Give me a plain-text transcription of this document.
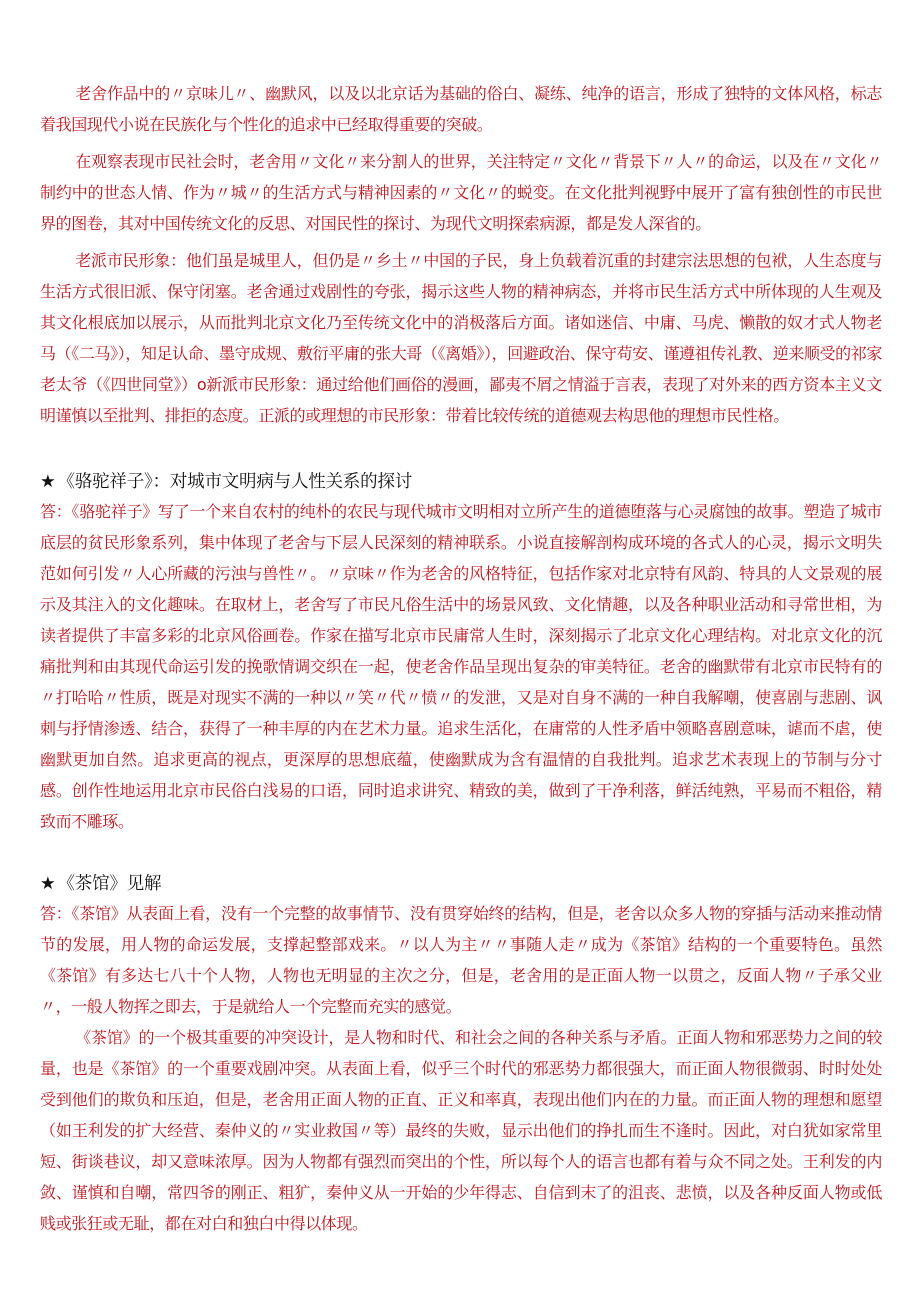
老舍作品中的〃京味儿〃、幽默风，以及以北京话为基础的俗白、凝练、纯净的语言，形成了独特的文体风格，标志着我国现代小说在民族化与个性化的追求中已经取得重要的突破。

在观察表现市民社会时，老舍用〃文化〃来分割人的世界，关注特定〃文化〃背景下〃人〃的命运，以及在〃文化〃制约中的世态人情、作为〃城〃的生活方式与精神因素的〃文化〃的蜕变。在文化批判视野中展开了富有独创性的市民世界的图卷，其对中国传统文化的反思、对国民性的探讨、为现代文明探索病源，都是发人深省的。

老派市民形象：他们虽是城里人，但仍是〃乡土〃中国的子民，身上负载着沉重的封建宗法思想的包袱，人生态度与生活方式很旧派、保守闭塞。老舍通过戏剧性的夸张，揭示这些人物的精神病态，并将市民生活方式中所体现的人生观及其文化根底加以展示，从而批判北京文化乃至传统文化中的消极落后方面。诸如迷信、中庸、马虎、懒散的奴才式人物老马（《二马》），知足认命、墨守成规、敷衍平庸的张大哥（《离婚》），回避政治、保守苟安、谨遵祖传礼教、逆来顺受的祁家老太爷（《四世同堂》）o新派市民形象：通过给他们画俗的漫画，鄙夷不屑之情溢于言表，表现了对外来的西方资本主义文明谨慎以至批判、排拒的态度。正派的或理想的市民形象：带着比较传统的道德观去构思他的理想市民性格。

★ 《骆驼祥子》：对城市文明病与人性关系的探讨

答：《骆驼祥子》写了一个来自农村的纯朴的农民与现代城市文明相对立所产生的道德堕落与心灵腐蚀的故事。塑造了城市底层的贫民形象系列，集中体现了老舍与下层人民深刻的精神联系。小说直接解剖构成环境的各式人的心灵，揭示文明失范如何引发〃人心所藏的污浊与兽性〃。〃京味〃作为老舍的风格特征，包括作家对北京特有风韵、特具的人文景观的展示及其注入的文化趣味。在取材上，老舍写了市民凡俗生活中的场景风致、文化情趣，以及各种职业活动和寻常世相，为读者提供了丰富多彩的北京风俗画卷。作家在描写北京市民庸常人生时，深刻揭示了北京文化心理结构。对北京文化的沉痛批判和由其现代命运引发的挽歌情调交织在一起，使老舍作品呈现出复杂的审美特征。老舍的幽默带有北京市民特有的〃打哈哈〃性质，既是对现实不满的一种以〃笑〃代〃愤〃的发泄，又是对自身不满的一种自我解嘲，使喜剧与悲剧、讽刺与抒情渗透、结合，获得了一种丰厚的内在艺术力量。追求生活化，在庸常的人性矛盾中领略喜剧意味，谑而不虐，使幽默更加自然。追求更高的视点，更深厚的思想底蕴，使幽默成为含有温情的自我批判。追求艺术表现上的节制与分寸感。创作性地运用北京市民俗白浅易的口语，同时追求讲究、精致的美，做到了干净利落，鲜活纯熟，平易而不粗俗，精致而不雕琢。

★ 《茶馆》见解

答：《茶馆》从表面上看，没有一个完整的故事情节、没有贯穿始终的结构，但是，老舍以众多人物的穿插与活动来推动情节的发展，用人物的命运发展，支撑起整部戏来。〃以人为主〃〃事随人走〃成为《茶馆》结构的一个重要特色。虽然《茶馆》有多达七八十个人物，人物也无明显的主次之分，但是，老舍用的是正面人物一以贯之，反面人物〃子承父业〃，一般人物挥之即去，于是就给人一个完整而充实的感觉。

《茶馆》的一个极其重要的冲突设计，是人物和时代、和社会之间的各种关系与矛盾。正面人物和邪恶势力之间的较量，也是《茶馆》的一个重要戏剧冲突。从表面上看，似乎三个时代的邪恶势力都很强大，而正面人物很微弱、时时处处受到他们的欺负和压迫，但是，老舍用正面人物的正直、正义和率真，表现出他们内在的力量。而正面人物的理想和愿望（如王利发的扩大经营、秦仲义的〃实业救国〃等）最终的失败，显示出他们的挣扎而生不逢时。因此，对白犹如家常里短、街谈巷议，却又意味浓厚。因为人物都有强烈而突出的个性，所以每个人的语言也都有着与众不同之处。王利发的内敛、谨慎和自嘲，常四爷的刚正、粗犷，秦仲义从一开始的少年得志、自信到末了的沮丧、悲愤，以及各种反面人物或低贱或张狂或无耻，都在对白和独白中得以体现。
